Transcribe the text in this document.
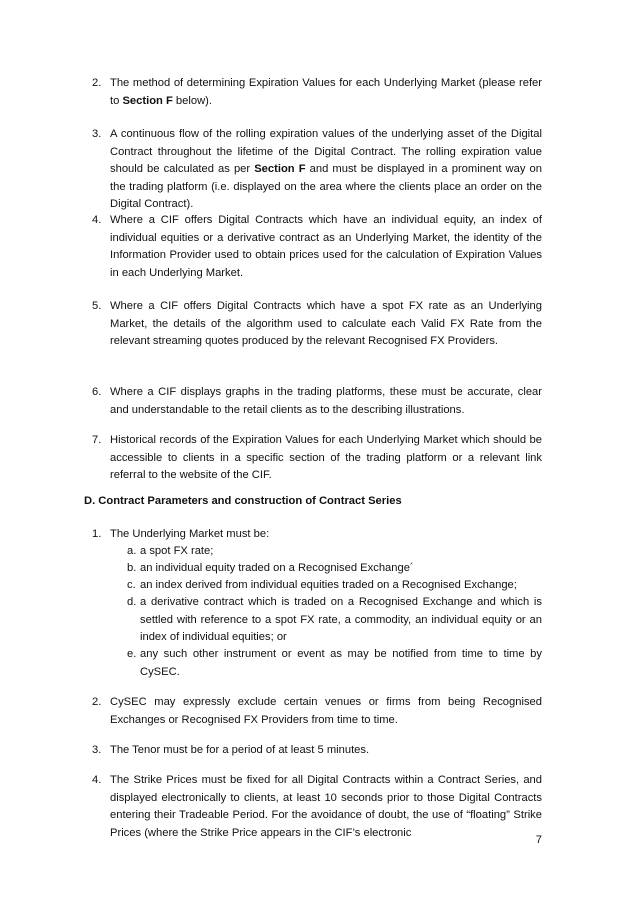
2. The method of determining Expiration Values for each Underlying Market (please refer to Section F below).
3. A continuous flow of the rolling expiration values of the underlying asset of the Digital Contract throughout the lifetime of the Digital Contract. The rolling expiration value should be calculated as per Section F and must be displayed in a prominent way on the trading platform (i.e. displayed on the area where the clients place an order on the Digital Contract).
4. Where a CIF offers Digital Contracts which have an individual equity, an index of individual equities or a derivative contract as an Underlying Market, the identity of the Information Provider used to obtain prices used for the calculation of Expiration Values in each Underlying Market.
5. Where a CIF offers Digital Contracts which have a spot FX rate as an Underlying Market, the details of the algorithm used to calculate each Valid FX Rate from the relevant streaming quotes produced by the relevant Recognised FX Providers.
6. Where a CIF displays graphs in the trading platforms, these must be accurate, clear and understandable to the retail clients as to the describing illustrations.
7. Historical records of the Expiration Values for each Underlying Market which should be accessible to clients in a specific section of the trading platform or a relevant link referral to the website of the CIF.
D. Contract Parameters and construction of Contract Series
1. The Underlying Market must be:
a. a spot FX rate;
b. an individual equity traded on a Recognised Exchange´
c. an index derived from individual equities traded on a Recognised Exchange;
d. a derivative contract which is traded on a Recognised Exchange and which is settled with reference to a spot FX rate, a commodity, an individual equity or an index of individual equities; or
e. any such other instrument or event as may be notified from time to time by CySEC.
2. CySEC may expressly exclude certain venues or firms from being Recognised Exchanges or Recognised FX Providers from time to time.
3. The Tenor must be for a period of at least 5 minutes.
4. The Strike Prices must be fixed for all Digital Contracts within a Contract Series, and displayed electronically to clients, at least 10 seconds prior to those Digital Contracts entering their Tradeable Period. For the avoidance of doubt, the use of “floating” Strike Prices (where the Strike Price appears in the CIF’s electronic
7
